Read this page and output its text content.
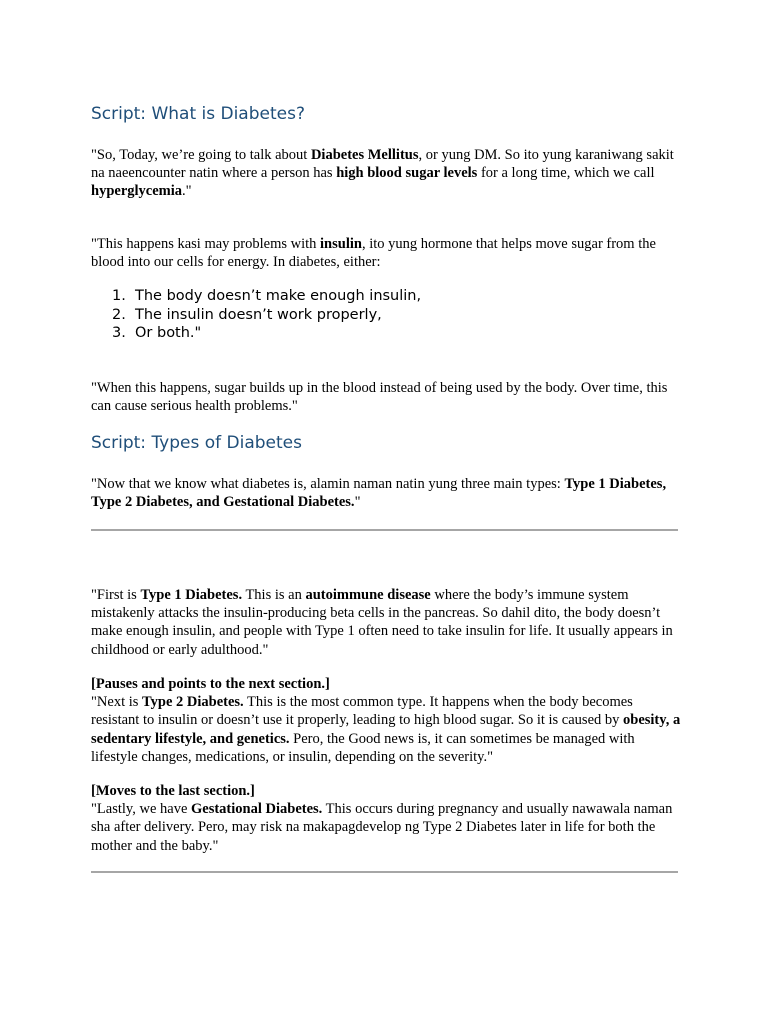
Script: What is Diabetes?

"So, Today, we’re going to talk about Diabetes Mellitus, or yung DM. So ito yung karaniwang sakit na naeencounter natin where a person has high blood sugar levels for a long time, which we call hyperglycemia."

"This happens kasi may problems with insulin, ito yung hormone that helps move sugar from the blood into our cells for energy. In diabetes, either:

1. The body doesn’t make enough insulin,
2. The insulin doesn’t work properly,
3. Or both."

"When this happens, sugar builds up in the blood instead of being used by the body. Over time, this can cause serious health problems."

Script: Types of Diabetes

"Now that we know what diabetes is, alamin naman natin yung three main types: Type 1 Diabetes, Type 2 Diabetes, and Gestational Diabetes."

"First is Type 1 Diabetes. This is an autoimmune disease where the body’s immune system mistakenly attacks the insulin-producing beta cells in the pancreas. So dahil dito, the body doesn’t make enough insulin, and people with Type 1 often need to take insulin for life. It usually appears in childhood or early adulthood."

[Pauses and points to the next section.]
"Next is Type 2 Diabetes. This is the most common type. It happens when the body becomes resistant to insulin or doesn’t use it properly, leading to high blood sugar. So it is caused by obesity, a sedentary lifestyle, and genetics. Pero, the Good news is, it can sometimes be managed with lifestyle changes, medications, or insulin, depending on the severity."

[Moves to the last section.]
"Lastly, we have Gestational Diabetes. This occurs during pregnancy and usually nawawala naman sha after delivery. Pero, may risk na makapagdevelop ng Type 2 Diabetes later in life for both the mother and the baby."
